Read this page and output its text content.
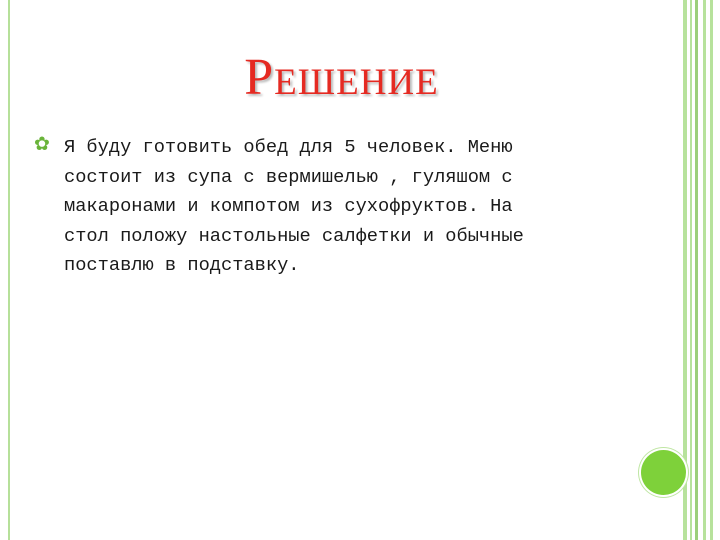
РЕШЕНИЕ
✿ Я буду готовить обед для 5 человек. Меню
состоит из супа с вермишелью , гуляшом с
макаронами и компотом из сухофруктов. На
стол положу настольные салфетки и обычные
поставлю в подставку.
